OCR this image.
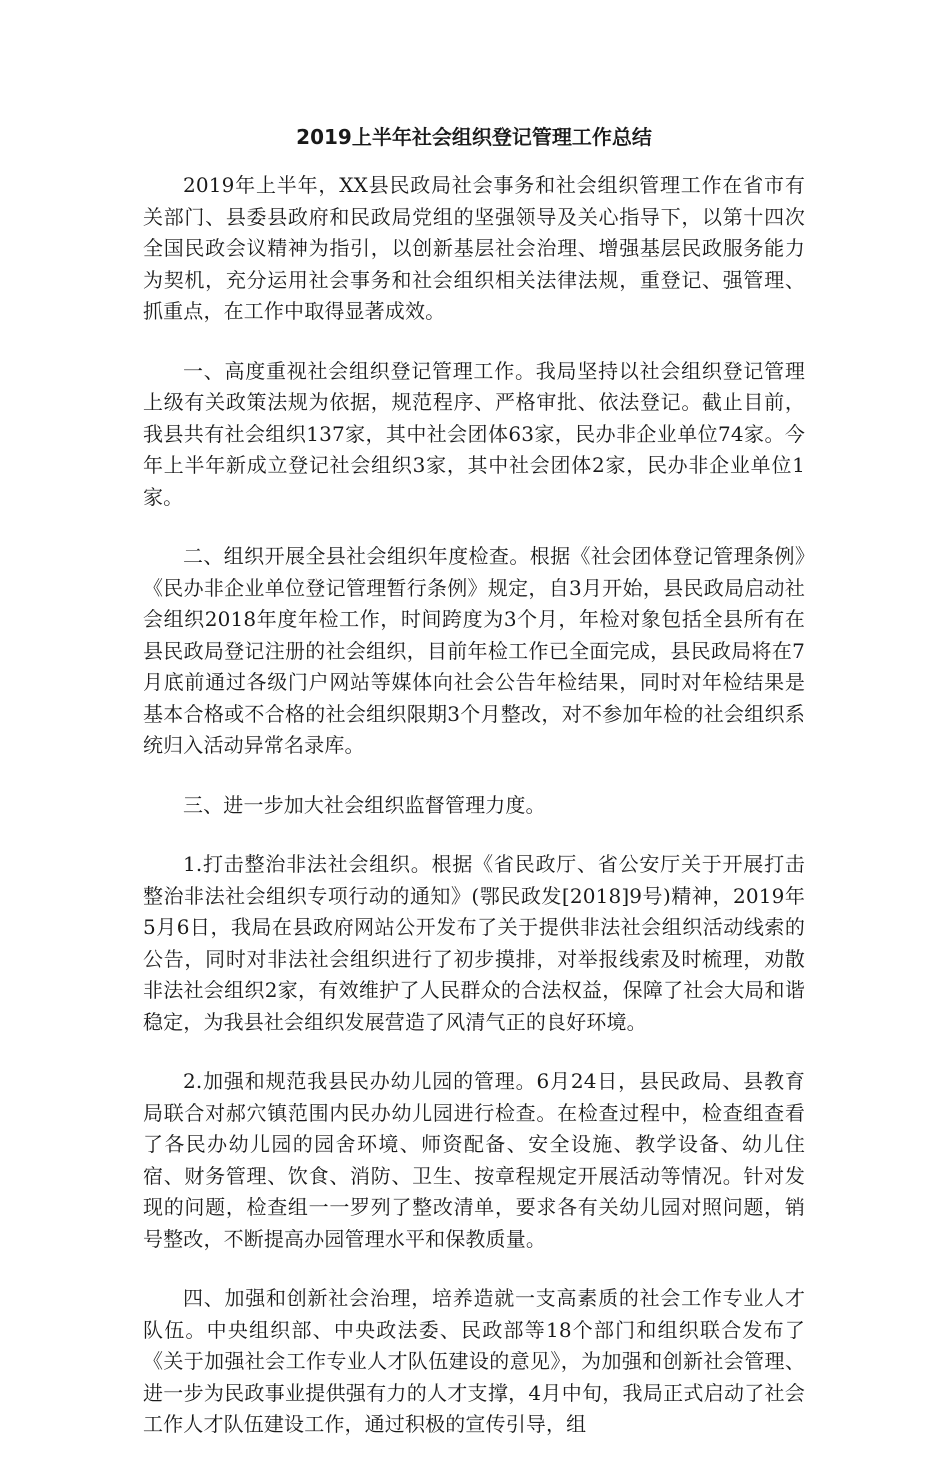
2019上半年社会组织登记管理工作总结

2019年上半年，XX县民政局社会事务和社会组织管理工作在省市有关部门、县委县政府和民政局党组的坚强领导及关心指导下，以第十四次全国民政会议精神为指引，以创新基层社会治理、增强基层民政服务能力为契机，充分运用社会事务和社会组织相关法律法规，重登记、强管理、抓重点，在工作中取得显著成效。

一、高度重视社会组织登记管理工作。我局坚持以社会组织登记管理上级有关政策法规为依据，规范程序、严格审批、依法登记。截止目前，我县共有社会组织137家，其中社会团体63家，民办非企业单位74家。今年上半年新成立登记社会组织3家，其中社会团体2家，民办非企业单位1家。

二、组织开展全县社会组织年度检查。根据《社会团体登记管理条例》《民办非企业单位登记管理暂行条例》规定，自3月开始，县民政局启动社会组织2018年度年检工作，时间跨度为3个月，年检对象包括全县所有在县民政局登记注册的社会组织，目前年检工作已全面完成，县民政局将在7月底前通过各级门户网站等媒体向社会公告年检结果，同时对年检结果是基本合格或不合格的社会组织限期3个月整改，对不参加年检的社会组织系统归入活动异常名录库。

三、进一步加大社会组织监督管理力度。

1.打击整治非法社会组织。根据《省民政厅、省公安厅关于开展打击整治非法社会组织专项行动的通知》(鄂民政发[2018]9号)精神，2019年5月6日，我局在县政府网站公开发布了关于提供非法社会组织活动线索的公告，同时对非法社会组织进行了初步摸排，对举报线索及时梳理，劝散非法社会组织2家，有效维护了人民群众的合法权益，保障了社会大局和谐稳定，为我县社会组织发展营造了风清气正的良好环境。

2.加强和规范我县民办幼儿园的管理。6月24日，县民政局、县教育局联合对郝穴镇范围内民办幼儿园进行检查。在检查过程中，检查组查看了各民办幼儿园的园舍环境、师资配备、安全设施、教学设备、幼儿住宿、财务管理、饮食、消防、卫生、按章程规定开展活动等情况。针对发现的问题，检查组一一罗列了整改清单，要求各有关幼儿园对照问题，销号整改，不断提高办园管理水平和保教质量。

四、加强和创新社会治理，培养造就一支高素质的社会工作专业人才队伍。中央组织部、中央政法委、民政部等18个部门和组织联合发布了《关于加强社会工作专业人才队伍建设的意见》，为加强和创新社会管理、进一步为民政事业提供强有力的人才支撑，4月中旬，我局正式启动了社会工作人才队伍建设工作，通过积极的宣传引导，组
